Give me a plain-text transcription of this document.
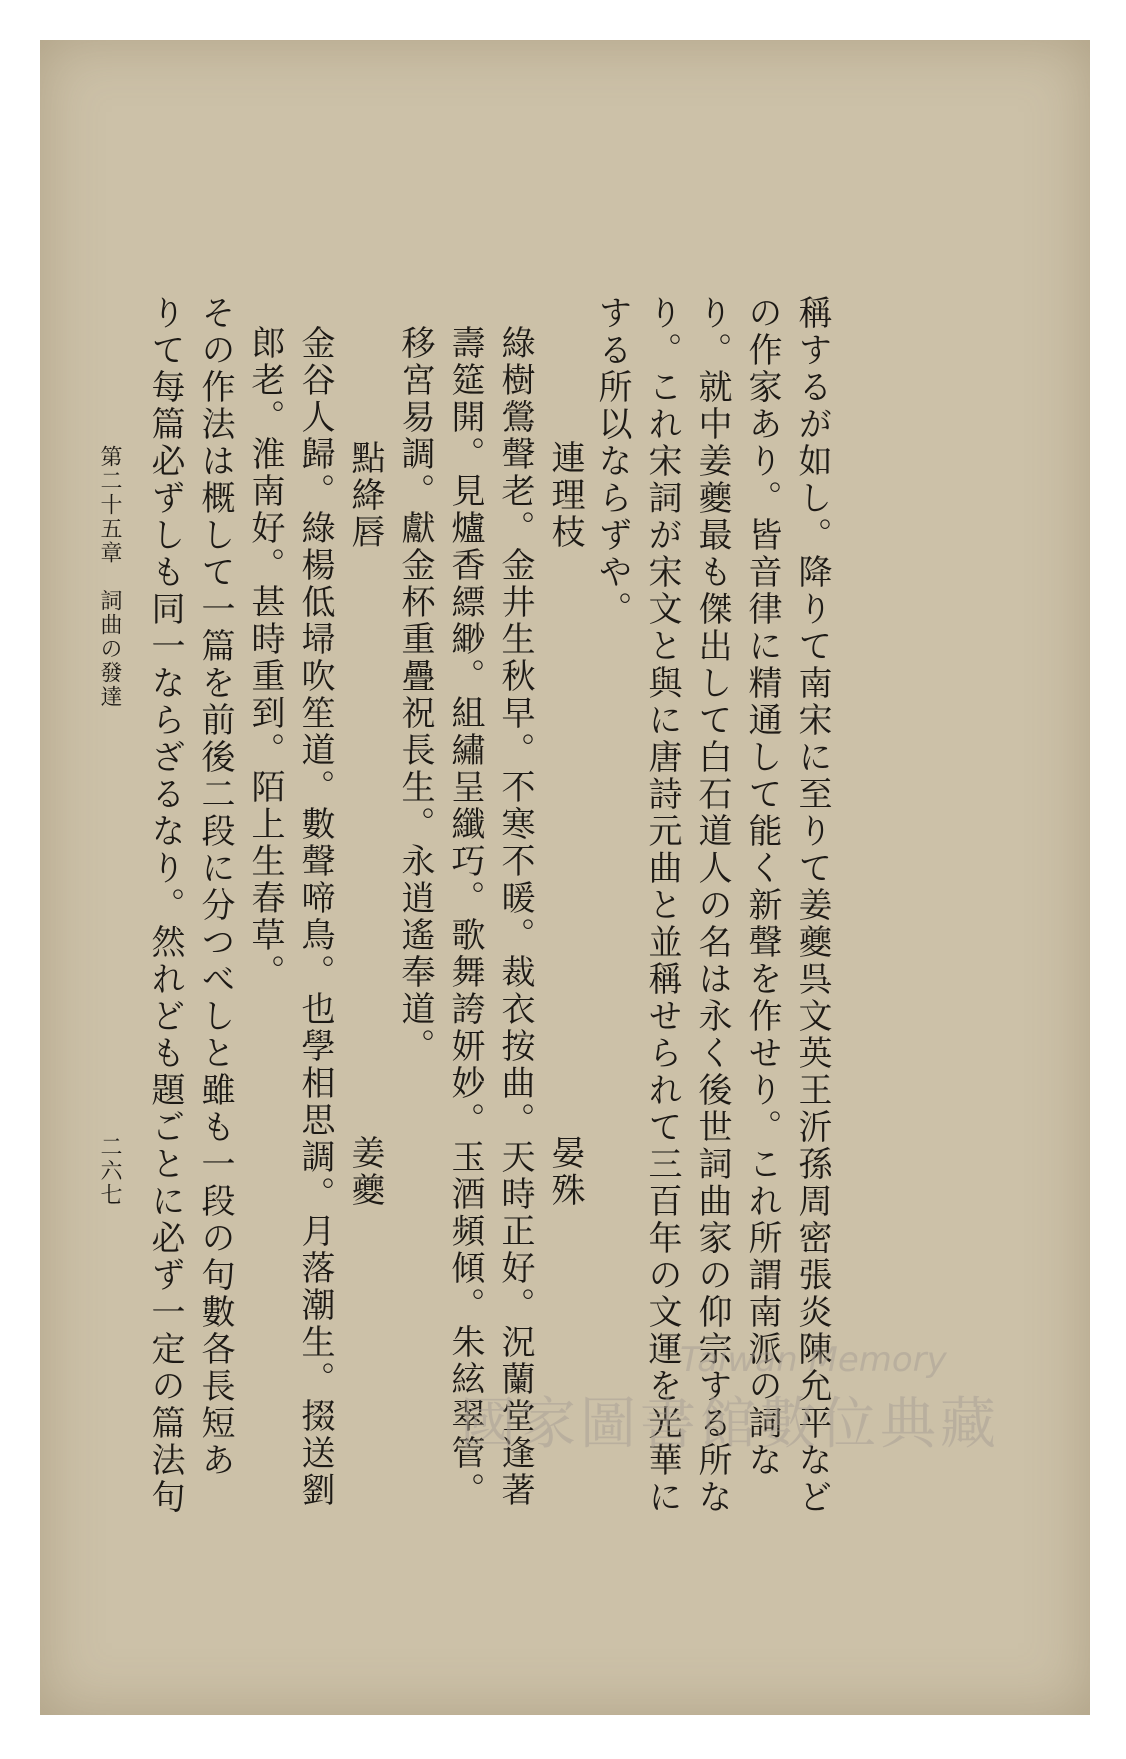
稱するが如し。降りて南宋に至りて姜夔呉文英王沂孫周密張炎陳允平など
の作家あり。皆音律に精通して能く新聲を作せり。これ所謂南派の詞な
り。就中姜夔最も傑出して白石道人の名は永く後世詞曲家の仰宗する所な
り。これ宋詞が宋文と與に唐詩元曲と並稱せられて三百年の文運を光華に
する所以ならずや。
連理枝
晏殊
綠樹鶯聲老。金井生秋早。不寒不暖。裁衣按曲。天時正好。況蘭堂逢著
壽筵開。見爐香縹緲。組繡呈纖巧。歌舞誇妍妙。玉酒頻傾。朱絃翠管。
移宮易調。獻金杯重疊祝長生。永逍遙奉道。
點絳唇
姜夔
金谷人歸。綠楊低埽吹笙道。數聲啼鳥。也學相思調。月落潮生。掇送劉
郎老。淮南好。甚時重到。陌上生春草。
その作法は概して一篇を前後二段に分つべしと雖も一段の句數各長短あ
りて每篇必ずしも同一ならざるなり。然れども題ごとに必ず一定の篇法句
第二十五章　詞曲の發達
二六七
Taiwan Memory
國家圖書館數位典藏
